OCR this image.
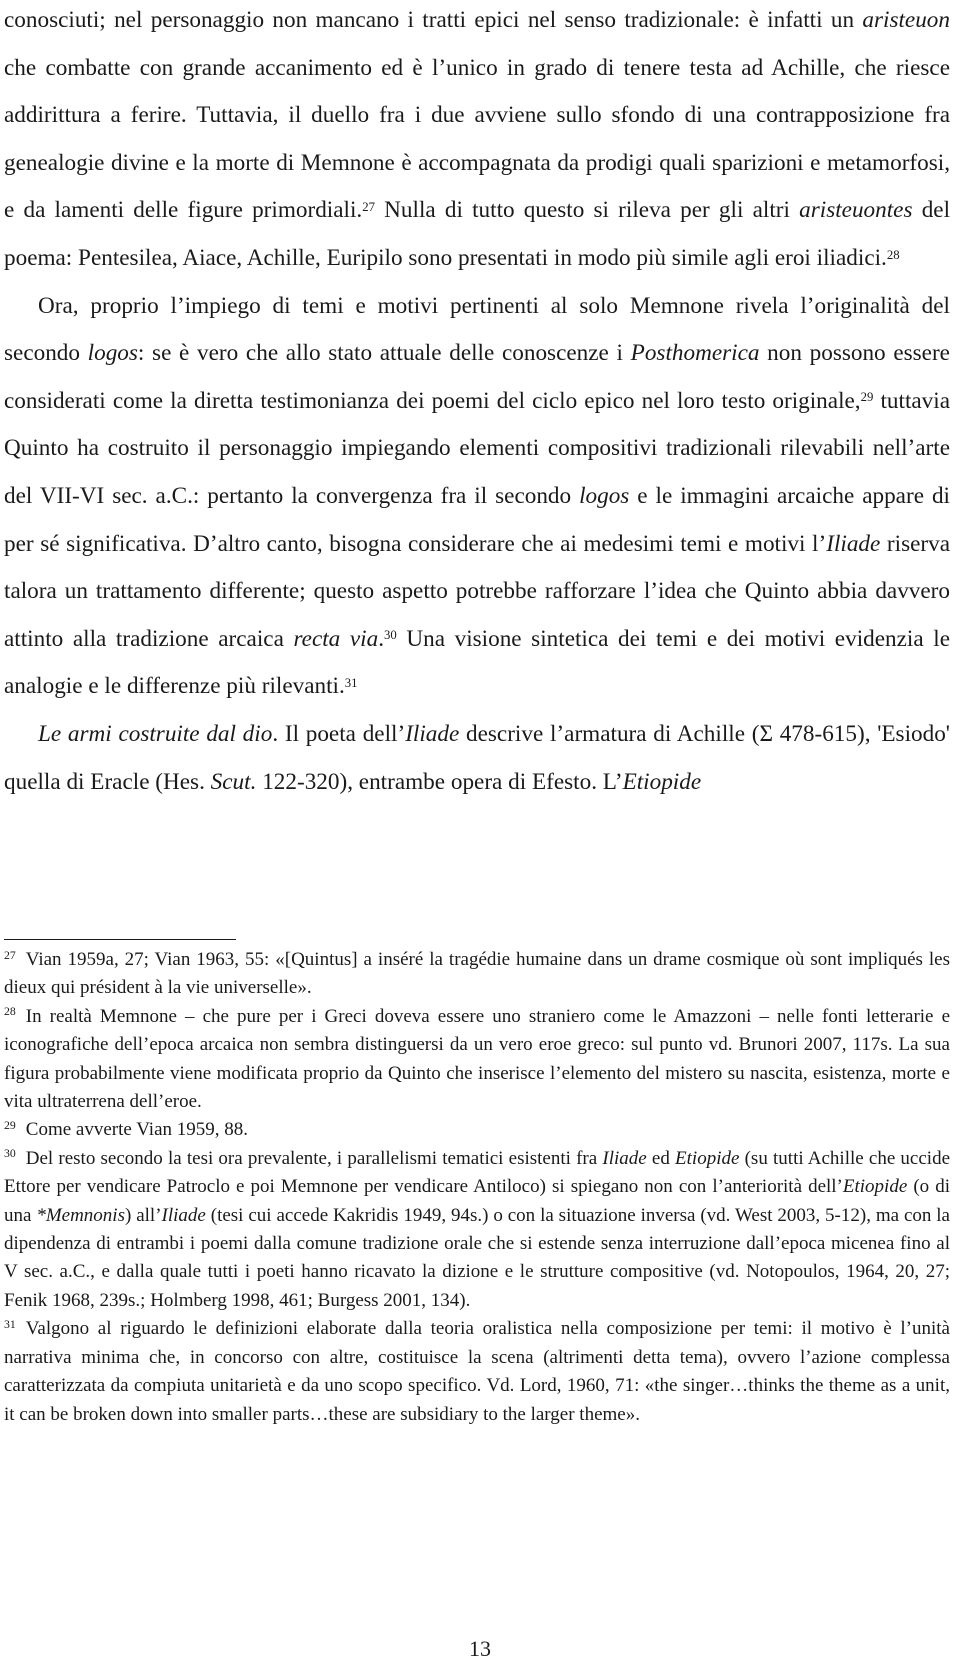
conosciuti; nel personaggio non mancano i tratti epici nel senso tradizionale: è infatti un aristeuon che combatte con grande accanimento ed è l’unico in grado di tenere testa ad Achille, che riesce addirittura a ferire. Tuttavia, il duello fra i due avviene sullo sfondo di una contrapposizione fra genealogie divine e la morte di Memnone è accompagnata da prodigi quali sparizioni e metamorfosi, e da lamenti delle figure primordiali.$^{27}$ Nulla di tutto questo si rileva per gli altri aristeuontes del poema: Pentesilea, Aiace, Achille, Euripilo sono presentati in modo più simile agli eroi iliadici.$^{28}$

Ora, proprio l’impiego di temi e motivi pertinenti al solo Memnone rivela l’originalità del secondo logos: se è vero che allo stato attuale delle conoscenze i Posthomerica non possono essere considerati come la diretta testimonianza dei poemi del ciclo epico nel loro testo originale,$^{29}$ tuttavia Quinto ha costruito il personaggio impiegando elementi compositivi tradizionali rilevabili nell’arte del VII-VI sec. a.C.: pertanto la convergenza fra il secondo logos e le immagini arcaiche appare di per sé significativa. D’altro canto, bisogna considerare che ai medesimi temi e motivi l’Iliade riserva talora un trattamento differente; questo aspetto potrebbe rafforzare l’idea che Quinto abbia davvero attinto alla tradizione arcaica recta via.$^{30}$ Una visione sintetica dei temi e dei motivi evidenzia le analogie e le differenze più rilevanti.$^{31}$

Le armi costruite dal dio. Il poeta dell’Iliade descrive l’armatura di Achille (Σ 478-615), 'Esiodo' quella di Eracle (Hes. Scut. 122-320), entrambe opera di Efesto. L’Etiopide

$^{27}$ Vian 1959a, 27; Vian 1963, 55: «[Quintus] a inséré la tragédie humaine dans un drame cosmique où sont impliqués les dieux qui président à la vie universelle».

$^{28}$ In realtà Memnone – che pure per i Greci doveva essere uno straniero come le Amazzoni – nelle fonti letterarie e iconografiche dell’epoca arcaica non sembra distinguersi da un vero eroe greco: sul punto vd. Brunori 2007, 117s. La sua figura probabilmente viene modificata proprio da Quinto che inserisce l’elemento del mistero su nascita, esistenza, morte e vita ultraterrena dell’eroe.

$^{29}$ Come avverte Vian 1959, 88.

$^{30}$ Del resto secondo la tesi ora prevalente, i parallelismi tematici esistenti fra Iliade ed Etiopide (su tutti Achille che uccide Ettore per vendicare Patroclo e poi Memnone per vendicare Antiloco) si spiegano non con l’anteriorità dell’Etiopide (o di una *Memnonis) all’Iliade (tesi cui accede Kakridis 1949, 94s.) o con la situazione inversa (vd. West 2003, 5-12), ma con la dipendenza di entrambi i poemi dalla comune tradizione orale che si estende senza interruzione dall’epoca micenea fino al V sec. a.C., e dalla quale tutti i poeti hanno ricavato la dizione e le strutture compositive (vd. Notopoulos, 1964, 20, 27; Fenik 1968, 239s.; Holmberg 1998, 461; Burgess 2001, 134).

$^{31}$ Valgono al riguardo le definizioni elaborate dalla teoria oralistica nella composizione per temi: il motivo è l’unità narrativa minima che, in concorso con altre, costituisce la scena (altrimenti detta tema), ovvero l’azione complessa caratterizzata da compiuta unitarietà e da uno scopo specifico. Vd. Lord, 1960, 71: «the singer…thinks the theme as a unit, it can be broken down into smaller parts…these are subsidiary to the larger theme».

13
